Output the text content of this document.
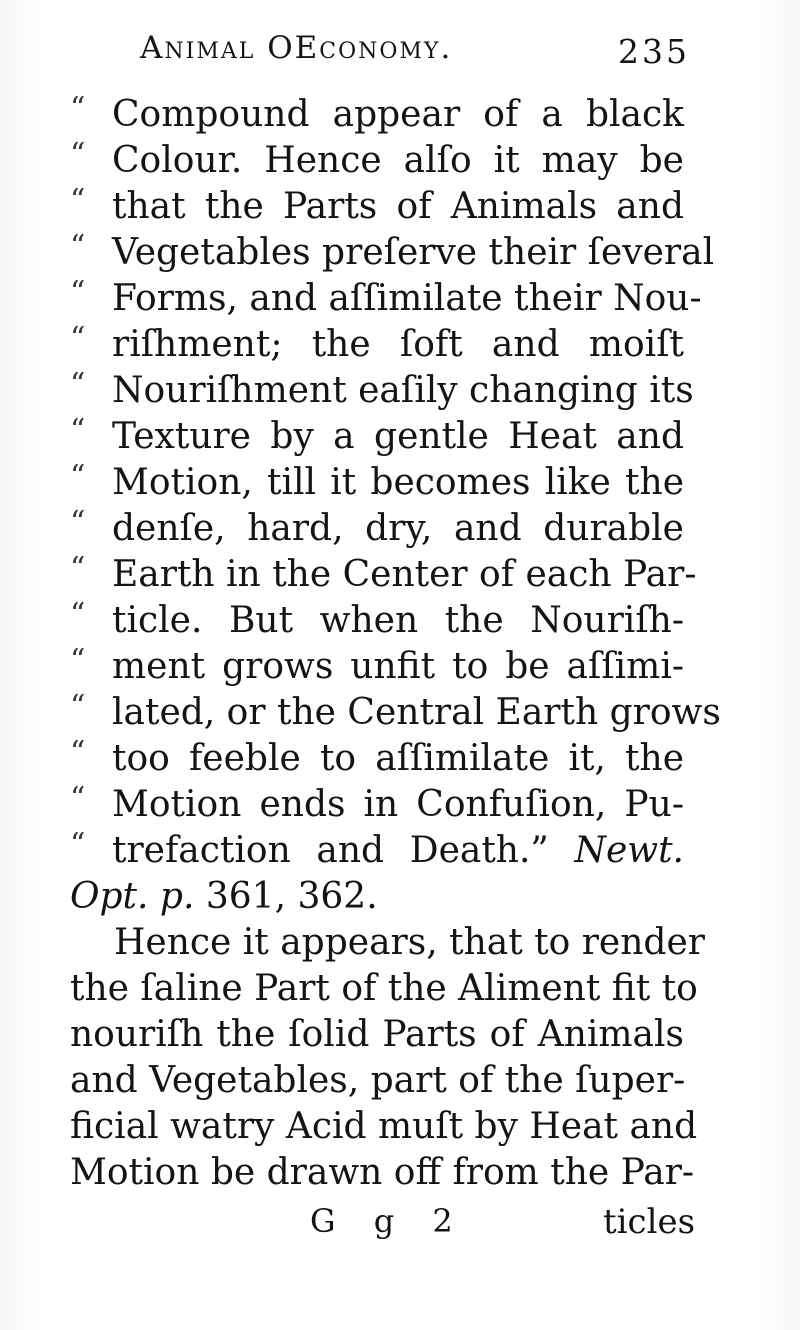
Animal OEconomy.	235
“ Compound appear of a black
“ Colour. Hence alſo it may be
“ that the Parts of Animals and
“ Vegetables preſerve their ſeveral
“ Forms, and aſſimilate their Nou-
“ riſhment; the ſoft and moiſt
“ Nouriſhment eaſily changing its
“ Texture by a gentle Heat and
“ Motion, till it becomes like the
“ denſe, hard, dry, and durable
“ Earth in the Center of each Par-
“ ticle. But when the Nouriſh-
“ ment grows unfit to be aſſimi-
“ lated, or the Central Earth grows
“ too feeble to aſſimilate it, the
“ Motion ends in Confuſion, Pu-
“ trefaction and Death.” Newt.
Opt. p. 361, 362.
Hence it appears, that to render
the ſaline Part of the Aliment fit to
nouriſh the ſolid Parts of Animals
and Vegetables, part of the ſuper-
ficial watry Acid muſt by Heat and
Motion be drawn off from the Par-
G g 2	ticles
